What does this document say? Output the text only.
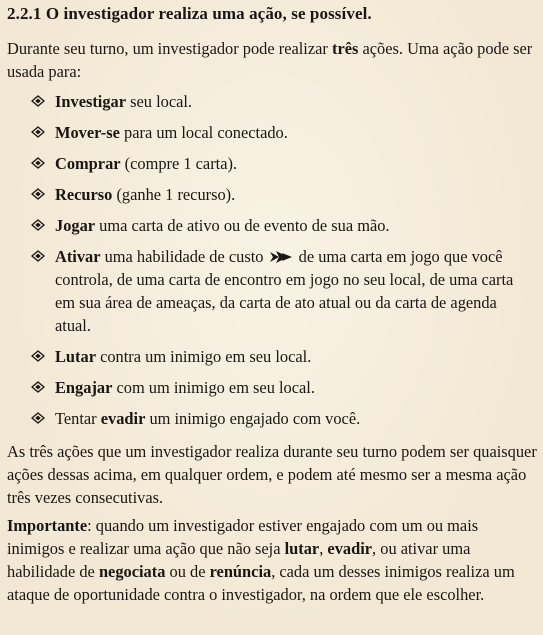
2.2.1 O investigador realiza uma ação, se possível.
Durante seu turno, um investigador pode realizar três ações. Uma ação pode ser usada para:
Investigar seu local.
Mover-se para um local conectado.
Comprar (compre 1 carta).
Recurso (ganhe 1 recurso).
Jogar uma carta de ativo ou de evento de sua mão.
Ativar uma habilidade de custo  de uma carta em jogo que você controla, de uma carta de encontro em jogo no seu local, de uma carta em sua área de ameaças, da carta de ato atual ou da carta de agenda atual.
Lutar contra um inimigo em seu local.
Engajar com um inimigo em seu local.
Tentar evadir um inimigo engajado com você.
As três ações que um investigador realiza durante seu turno podem ser quaisquer ações dessas acima, em qualquer ordem, e podem até mesmo ser a mesma ação três vezes consecutivas.
Importante: quando um investigador estiver engajado com um ou mais inimigos e realizar uma ação que não seja lutar, evadir, ou ativar uma habilidade de negociata ou de renúncia, cada um desses inimigos realiza um ataque de oportunidade contra o investigador, na ordem que ele escolher.
